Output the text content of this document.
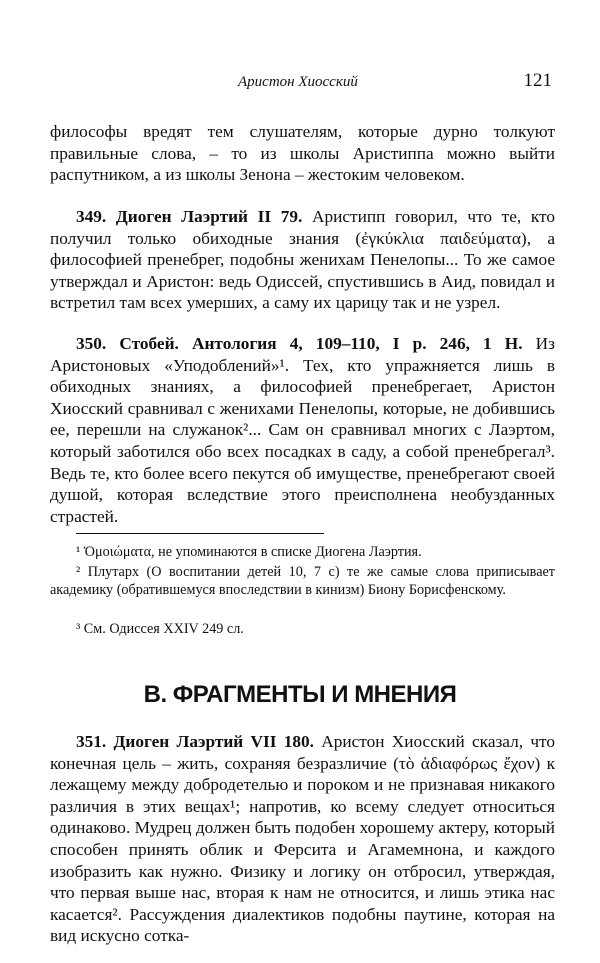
Аристон Хиосский	121

философы вредят тем слушателям, которые дурно толкуют правильные слова, – то из школы Аристиппа можно выйти распутником, а из школы Зенона – жестоким человеком.

349. Диоген Лаэртий II 79. Аристипп говорил, что те, кто получил только обиходные знания (ἐγκύκλια παιδεύματα), а философией пренебрег, подобны женихам Пенелопы... То же самое утверждал и Аристон: ведь Одиссей, спустившись в Аид, повидал и встретил там всех умерших, а саму их царицу так и не узрел.

350. Стобей. Антология 4, 109–110, I p. 246, 1 Н. Из Аристоновых «Уподоблений»¹. Тех, кто упражняется лишь в обиходных знаниях, а философией пренебрегает, Аристон Хиосский сравнивал с женихами Пенелопы, которые, не добившись ее, перешли на служанок²... Сам он сравнивал многих с Лаэртом, который заботился обо всех посадках в саду, а собой пренебрегал³. Ведь те, кто более всего пекутся об имуществе, пренебрегают своей душой, которая вследствие этого преисполнена необузданных страстей.

¹ Ὁμοιώματα, не упоминаются в списке Диогена Лаэртия.

² Плутарх (О воспитании детей 10, 7 c) те же самые слова приписывает академику (обратившемуся впоследствии в кинизм) Биону Борисфенскому.

³ См. Одиссея XXIV 249 сл.

В. ФРАГМЕНТЫ И МНЕНИЯ

351. Диоген Лаэртий VII 180. Аристон Хиосский сказал, что конечная цель – жить, сохраняя безразличие (τὸ ἀδιαφόρως ἔχον) к лежащему между добродетелью и пороком и не признавая никакого различия в этих вещах¹; напротив, ко всему следует относиться одинаково. Мудрец должен быть подобен хорошему актеру, который способен принять облик и Ферсита и Агамемнона, и каждого изобразить как нужно. Физику и логику он отбросил, утверждая, что первая выше нас, вторая к нам не относится, и лишь этика нас касается². Рассуждения диалектиков подобны паутине, которая на вид искусно сотка-
